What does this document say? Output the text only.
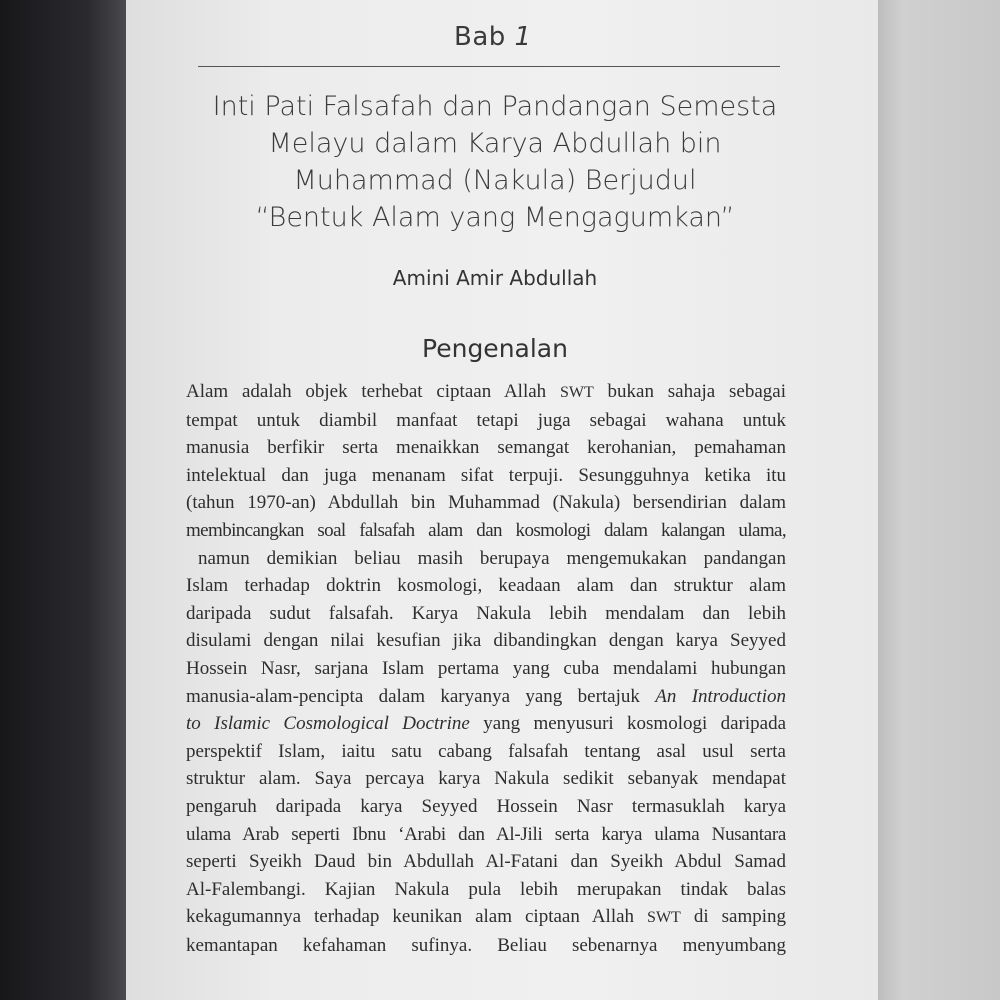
Bab 1
Inti Pati Falsafah dan Pandangan Semesta
Melayu dalam Karya Abdullah bin
Muhammad (Nakula) Berjudul
“Bentuk Alam yang Mengagumkan”
Amini Amir Abdullah
Pengenalan
Alam adalah objek terhebat ciptaan Allah SWT bukan sahaja sebagai
tempat untuk diambil manfaat tetapi juga sebagai wahana untuk
manusia berfikir serta menaikkan semangat kerohanian, pemahaman
intelektual dan juga menanam sifat terpuji. Sesungguhnya ketika itu
(tahun 1970-an) Abdullah bin Muhammad (Nakula) bersendirian dalam
membincangkan soal falsafah alam dan kosmologi dalam kalangan ulama,
namun demikian beliau masih berupaya mengemukakan pandangan
Islam terhadap doktrin kosmologi, keadaan alam dan struktur alam
daripada sudut falsafah. Karya Nakula lebih mendalam dan lebih
disulami dengan nilai kesufian jika dibandingkan dengan karya Seyyed
Hossein Nasr, sarjana Islam pertama yang cuba mendalami hubungan
manusia-alam-pencipta dalam karyanya yang bertajuk An Introduction
to Islamic Cosmological Doctrine yang menyusuri kosmologi daripada
perspektif Islam, iaitu satu cabang falsafah tentang asal usul serta
struktur alam. Saya percaya karya Nakula sedikit sebanyak mendapat
pengaruh daripada karya Seyyed Hossein Nasr termasuklah karya
ulama Arab seperti Ibnu ‘Arabi dan Al-Jili serta karya ulama Nusantara
seperti Syeikh Daud bin Abdullah Al-Fatani dan Syeikh Abdul Samad
Al-Falembangi. Kajian Nakula pula lebih merupakan tindak balas
kekagumannya terhadap keunikan alam ciptaan Allah SWT di samping
kemantapan kefahaman sufinya. Beliau sebenarnya menyumbang
